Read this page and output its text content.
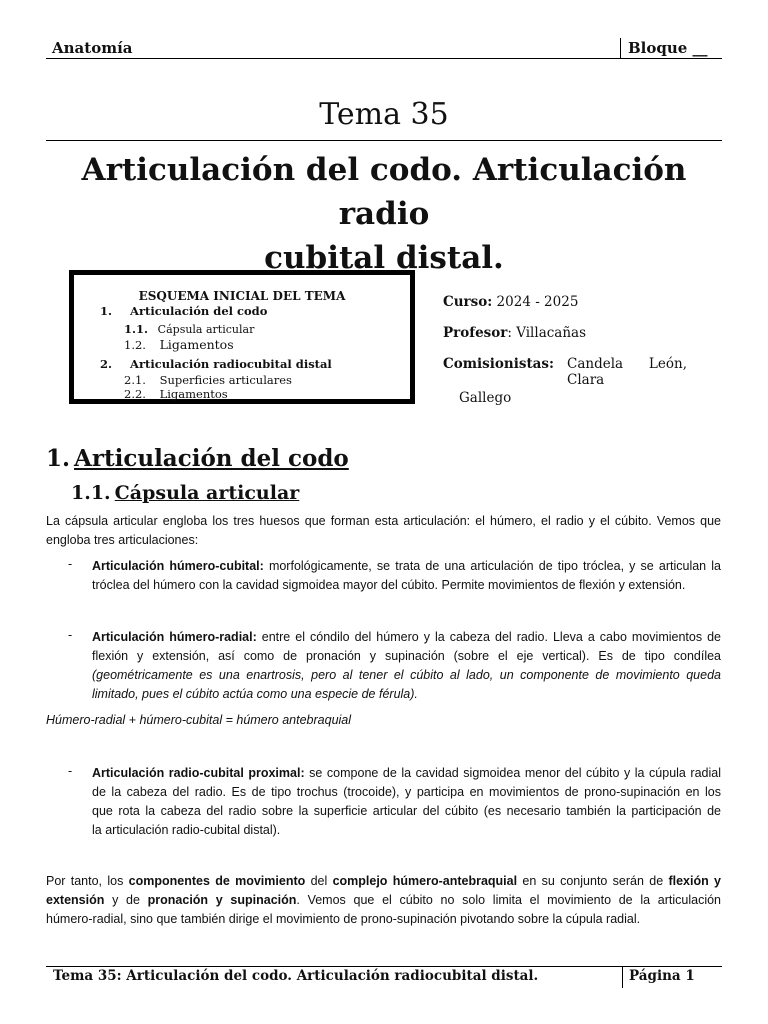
Anatomía	Bloque __
Tema 35
Articulación del codo. Articulación radio
cubital distal.
ESQUEMA INICIAL DEL TEMA
1. Articulación del codo
1.1. Cápsula articular
1.2. Ligamentos
2. Articulación radiocubital distal
2.1. Superficies articulares
2.2. Ligamentos
Curso: 2024 - 2025
Profesor: Villacañas
Comisionistas: Candela León, Clara
Gallego
1. Articulación del codo
1.1. Cápsula articular
La cápsula articular engloba los tres huesos que forman esta articulación: el húmero, el radio y el cúbito. Vemos que
engloba tres articulaciones:
- Articulación húmero-cubital: morfológicamente, se trata de una articulación de tipo tróclea, y se articulan la
tróclea del húmero con la cavidad sigmoidea mayor del cúbito. Permite movimientos de flexión y extensión.
- Articulación húmero-radial: entre el cóndilo del húmero y la cabeza del radio. Lleva a cabo movimientos de
flexión y extensión, así como de pronación y supinación (sobre el eje vertical). Es de tipo condílea
(geométricamente es una enartrosis, pero al tener el cúbito al lado, un componente de movimiento queda
limitado, pues el cúbito actúa como una especie de férula).
Húmero-radial + húmero-cubital = húmero antebraquial
- Articulación radio-cubital proximal: se compone de la cavidad sigmoidea menor del cúbito y la cúpula radial
de la cabeza del radio. Es de tipo trochus (trocoide), y participa en movimientos de prono-supinación en los
que rota la cabeza del radio sobre la superficie articular del cúbito (es necesario también la participación de
la articulación radio-cubital distal).
Por tanto, los componentes de movimiento del complejo húmero-antebraquial en su conjunto serán de flexión y
extensión y de pronación y supinación. Vemos que el cúbito no solo limita el movimiento de la articulación
húmero-radial, sino que también dirige el movimiento de prono-supinación pivotando sobre la cúpula radial.
Tema 35: Articulación del codo. Articulación radiocubital distal.	Página 1
